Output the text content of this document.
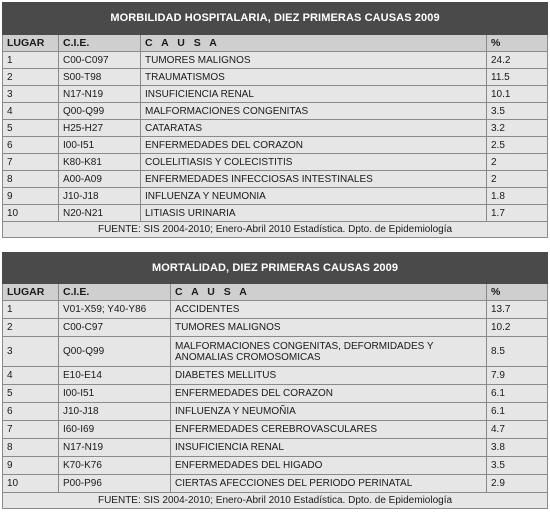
MORBILIDAD HOSPITALARIA, DIEZ PRIMERAS CAUSAS 2009			
LUGAR	C.I.E.	C A U S A	%
1	C00-C097	TUMORES MALIGNOS	24.2
2	S00-T98	TRAUMATISMOS	11.5
3	N17-N19	INSUFICIENCIA RENAL	10.1
4	Q00-Q99	MALFORMACIONES CONGENITAS	3.5
5	H25-H27	CATARATAS	3.2
6	I00-I51	ENFERMEDADES DEL CORAZON	2.5
7	K80-K81	COLELITIASIS Y COLECISTITIS	2
8	A00-A09	ENFERMEDADES INFECCIOSAS INTESTINALES	2
9	J10-J18	INFLUENZA Y NEUMONIA	1.8
10	N20-N21	LITIASIS URINARIA	1.7
FUENTE: SIS 2004-2010; Enero-Abril 2010 Estadística. Dpto. de Epidemiología			
MORTALIDAD, DIEZ PRIMERAS CAUSAS 2009			
LUGAR	C.I.E.	C A U S A	%
1	V01-X59; Y40-Y86	ACCIDENTES	13.7
2	C00-C97	TUMORES MALIGNOS	10.2
3	Q00-Q99	MALFORMACIONES CONGENITAS, DEFORMIDADES Y ANOMALIAS CROMOSOMICAS	8.5
4	E10-E14	DIABETES MELLITUS	7.9
5	I00-I51	ENFERMEDADES DEL CORAZON	6.1
6	J10-J18	INFLUENZA Y NEUMOÑIA	6.1
7	I60-I69	ENFERMEDADES CEREBROVASCULARES	4.7
8	N17-N19	INSUFICIENCIA RENAL	3.8
9	K70-K76	ENFERMEDADES DEL HIGADO	3.5
10	P00-P96	CIERTAS AFECCIONES DEL PERIODO PERINATAL	2.9
FUENTE: SIS 2004-2010; Enero-Abril 2010 Estadística. Dpto. de Epidemiología			
